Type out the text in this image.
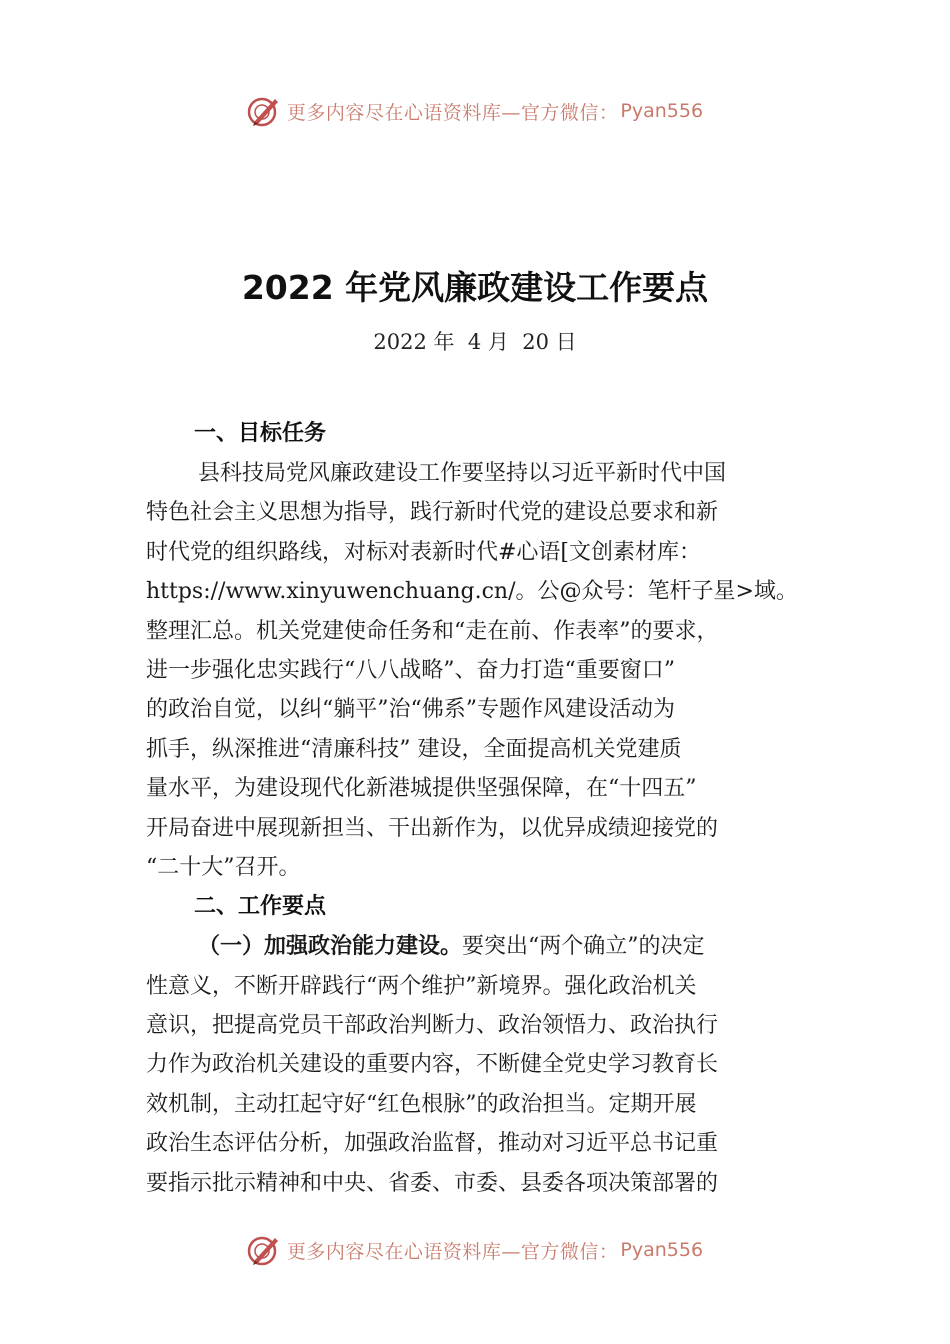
更多内容尽在心语资料库—官方微信： Pyan556
2022 年党风廉政建设工作要点
2022 年  4 月  20 日
一、目标任务
县科技局党风廉政建设工作要坚持以习近平新时代中国
特色社会主义思想为指导，践行新时代党的建设总要求和新
时代党的组织路线，对标对表新时代#心语[文创素材库：
https://www.xinyuwenchuang.cn/。公@众号：笔杆子星>域。
整理汇总。机关党建使命任务和“走在前、作表率”的要求，
进一步强化忠实践行“八八战略”、奋力打造“重要窗口”
的政治自觉，以纠“躺平”治“佛系”专题作风建设活动为
抓手，纵深推进“清廉科技” 建设，全面提高机关党建质
量水平，为建设现代化新港城提供坚强保障，在“十四五”
开局奋进中展现新担当、干出新作为，以优异成绩迎接党的
“二十大”召开。
二、工作要点
（一）加强政治能力建设。要突出“两个确立”的决定
性意义，不断开辟践行“两个维护”新境界。强化政治机关
意识，把提高党员干部政治判断力、政治领悟力、政治执行
力作为政治机关建设的重要内容，不断健全党史学习教育长
效机制，主动扛起守好“红色根脉”的政治担当。定期开展
政治生态评估分析，加强政治监督，推动对习近平总书记重
要指示批示精神和中央、省委、市委、县委各项决策部署的
更多内容尽在心语资料库—官方微信： Pyan556
